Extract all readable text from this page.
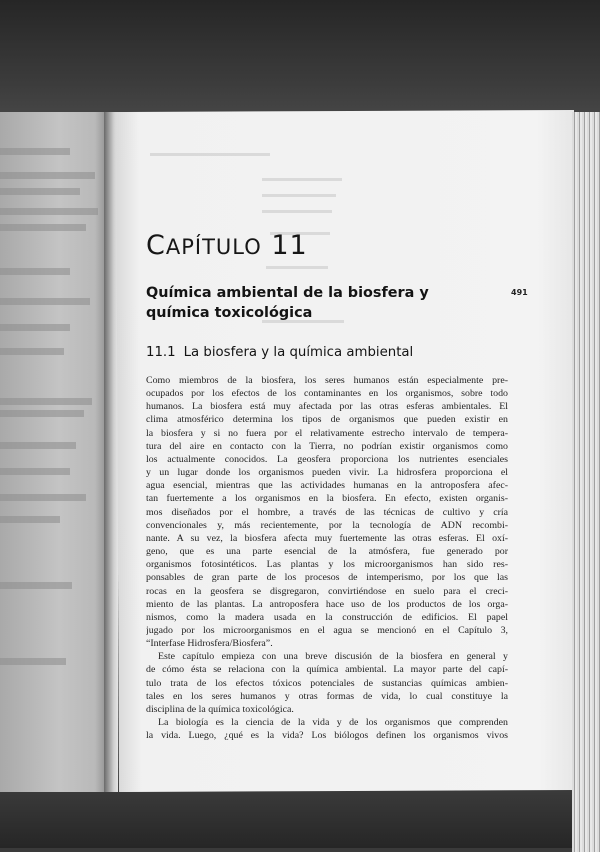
CAPÍTULO 11
491
Química ambiental de la biosfera y química toxicológica
11.1 La biosfera y la química ambiental
Como miembros de la biosfera, los seres humanos están especialmente pre-
ocupados por los efectos de los contaminantes en los organismos, sobre todo
humanos. La biosfera está muy afectada por las otras esferas ambientales. El
clima atmosférico determina los tipos de organismos que pueden existir en
la biosfera y si no fuera por el relativamente estrecho intervalo de tempera-
tura del aire en contacto con la Tierra, no podrían existir organismos como
los actualmente conocidos. La geosfera proporciona los nutrientes esenciales
y un lugar donde los organismos pueden vivir. La hidrosfera proporciona el
agua esencial, mientras que las actividades humanas en la antroposfera afec-
tan fuertemente a los organismos en la biosfera. En efecto, existen organis-
mos diseñados por el hombre, a través de las técnicas de cultivo y cría
convencionales y, más recientemente, por la tecnología de ADN recombi-
nante. A su vez, la biosfera afecta muy fuertemente las otras esferas. El oxí-
geno, que es una parte esencial de la atmósfera, fue generado por
organismos fotosintéticos. Las plantas y los microorganismos han sido res-
ponsables de gran parte de los procesos de intemperismo, por los que las
rocas en la geosfera se disgregaron, convirtiéndose en suelo para el creci-
miento de las plantas. La antroposfera hace uso de los productos de los orga-
nismos, como la madera usada en la construcción de edificios. El papel
jugado por los microorganismos en el agua se mencionó en el Capítulo 3,
“Interfase Hidrosfera/Biosfera”.
Este capítulo empieza con una breve discusión de la biosfera en general y
de cómo ésta se relaciona con la química ambiental. La mayor parte del capí-
tulo trata de los efectos tóxicos potenciales de sustancias químicas ambien-
tales en los seres humanos y otras formas de vida, lo cual constituye la
disciplina de la química toxicológica.
La biología es la ciencia de la vida y de los organismos que comprenden
la vida. Luego, ¿qué es la vida? Los biólogos definen los organismos vivos
